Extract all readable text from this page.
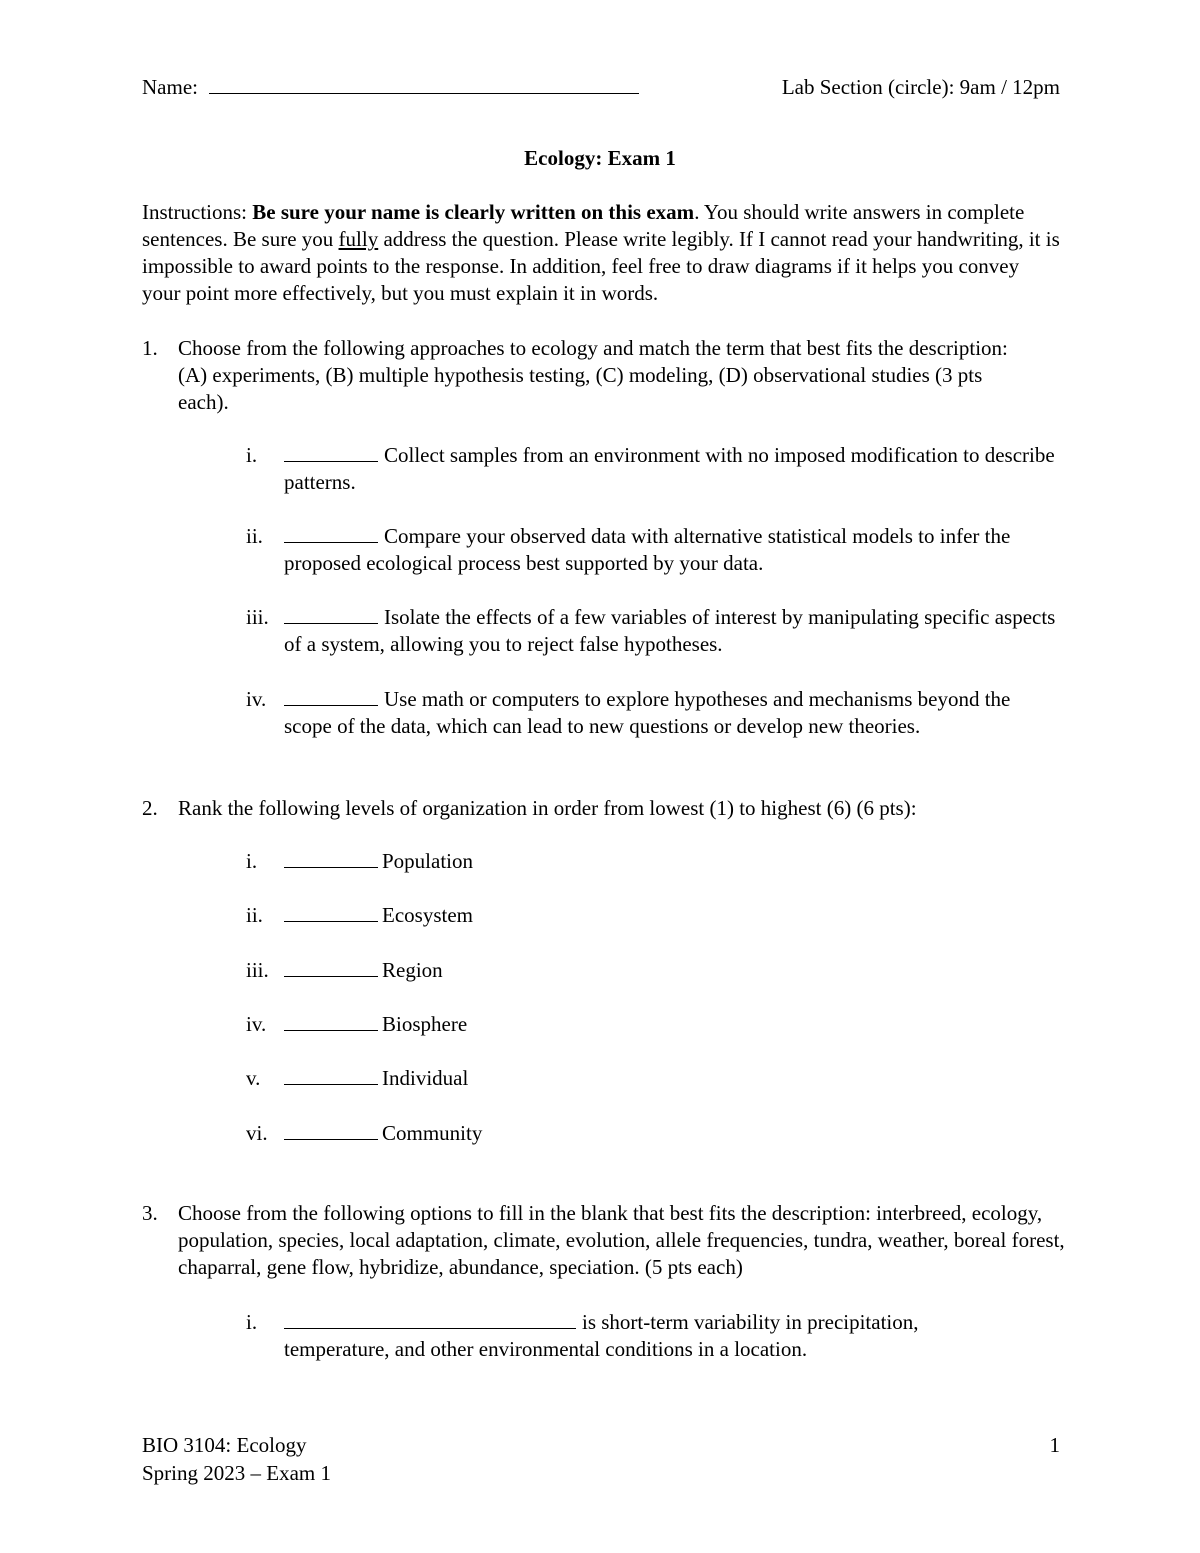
Name:	Lab Section (circle): 9am / 12pm
Ecology: Exam 1
Instructions: Be sure your name is clearly written on this exam. You should write answers in complete sentences. Be sure you fully address the question. Please write legibly. If I cannot read your handwriting, it is impossible to award points to the response. In addition, feel free to draw diagrams if it helps you convey your point more effectively, but you must explain it in words.
1. Choose from the following approaches to ecology and match the term that best fits the description: (A) experiments, (B) multiple hypothesis testing, (C) modeling, (D) observational studies (3 pts each).
i.	Collect samples from an environment with no imposed modification to describe patterns.
ii.	Compare your observed data with alternative statistical models to infer the proposed ecological process best supported by your data.
iii.	Isolate the effects of a few variables of interest by manipulating specific aspects of a system, allowing you to reject false hypotheses.
iv.	Use math or computers to explore hypotheses and mechanisms beyond the scope of the data, which can lead to new questions or develop new theories.
2. Rank the following levels of organization in order from lowest (1) to highest (6) (6 pts):
i.	Population
ii.	Ecosystem
iii.	Region
iv.	Biosphere
v.	Individual
vi.	Community
3. Choose from the following options to fill in the blank that best fits the description: interbreed, ecology, population, species, local adaptation, climate, evolution, allele frequencies, tundra, weather, boreal forest, chaparral, gene flow, hybridize, abundance, speciation. (5 pts each)
i.	is short-term variability in precipitation, temperature, and other environmental conditions in a location.
BIO 3104: Ecology
Spring 2023 – Exam 1
1
